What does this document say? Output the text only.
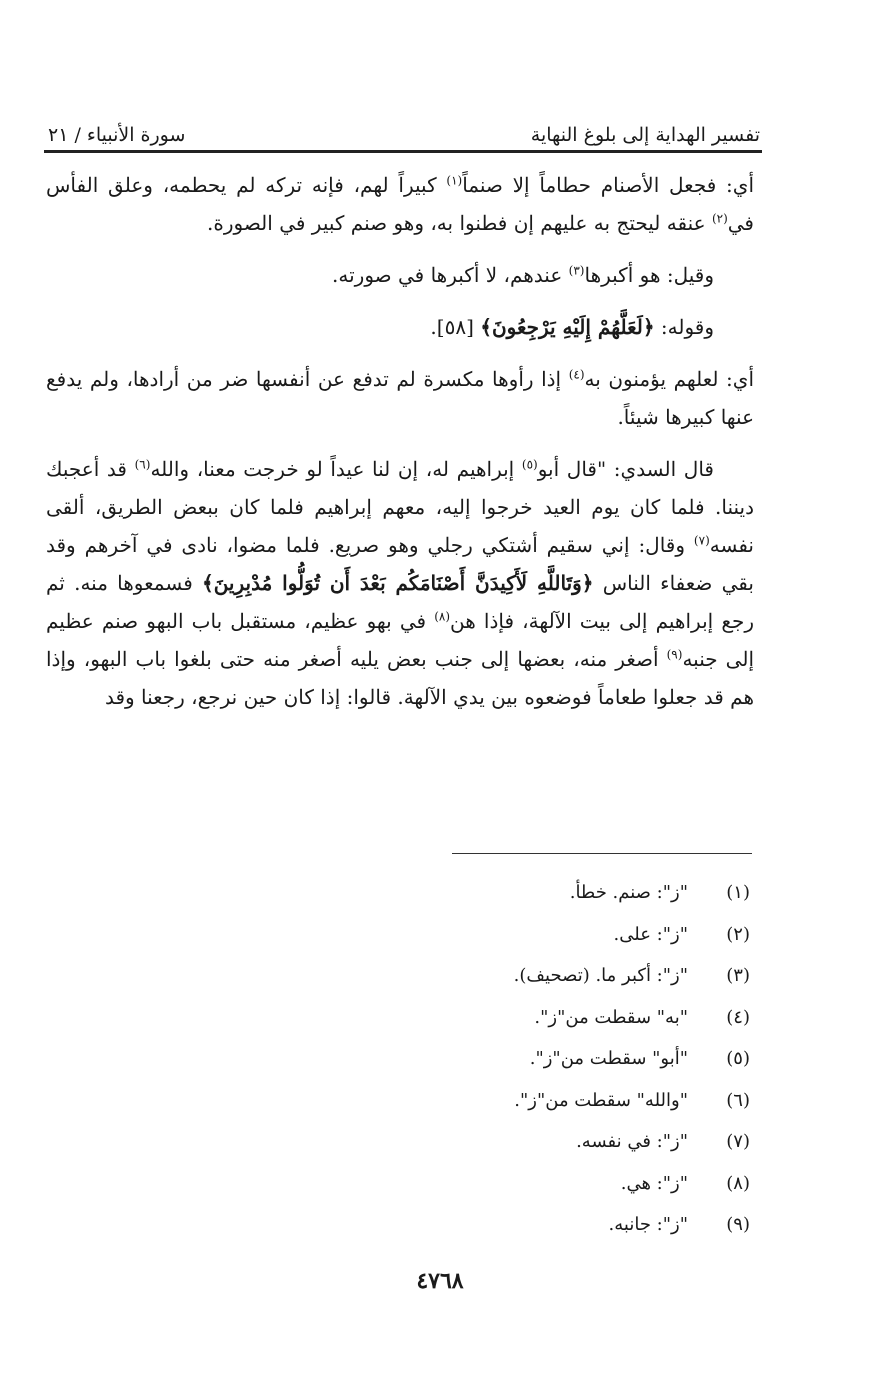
تفسير الهداية إلى بلوغ النهاية
سورة الأنبياء / ٢١

أي: فجعل الأصنام حطاماً إلا صنماً$^{(١)}$ كبيراً لهم، فإنه تركه لم يحطمه، وعلق الفأس في$^{(٢)}$ عنقه ليحتج به عليهم إن فطنوا به، وهو صنم كبير في الصورة.

وقيل: هو أكبرها$^{(٣)}$ عندهم، لا أكبرها في صورته.

وقوله: ﴿لَعَلَّهُمْ إِلَيْهِ يَرْجِعُونَ﴾ [٥٨].

أي: لعلهم يؤمنون به$^{(٤)}$ إذا رأوها مكسرة لم تدفع عن أنفسها ضر من أرادها، ولم يدفع عنها كبيرها شيئاً.

قال السدي: "قال أبو$^{(٥)}$ إبراهيم له، إن لنا عيداً لو خرجت معنا، والله$^{(٦)}$ قد أعجبك ديننا. فلما كان يوم العيد خرجوا إليه، معهم إبراهيم فلما كان ببعض الطريق، ألقى نفسه$^{(٧)}$ وقال: إني سقيم أشتكي رجلي وهو صريع. فلما مضوا، نادى في آخرهم وقد بقي ضعفاء الناس ﴿وَتَاللَّهِ لَأَكِيدَنَّ أَصْنَامَكُم بَعْدَ أَن تُوَلُّوا مُدْبِرِينَ﴾ فسمعوها منه. ثم رجع إبراهيم إلى بيت الآلهة، فإذا هن$^{(٨)}$ في بهو عظيم، مستقبل باب البهو صنم عظيم إلى جنبه$^{(٩)}$ أصغر منه، بعضها إلى جنب بعض يليه أصغر منه حتى بلغوا باب البهو، وإذا هم قد جعلوا طعاماً فوضعوه بين يدي الآلهة. قالوا: إذا كان حين نرجع، رجعنا وقد

(١)
"ز": صنم. خطأ.
(٢)
"ز": على.
(٣)
"ز": أكبر ما. (تصحيف).
(٤)
"به" سقطت من"ز".
(٥)
"أبو" سقطت من"ز".
(٦)
"والله" سقطت من"ز".
(٧)
"ز": في نفسه.
(٨)
"ز": هي.
(٩)
"ز": جانبه.
٤٧٦٨
